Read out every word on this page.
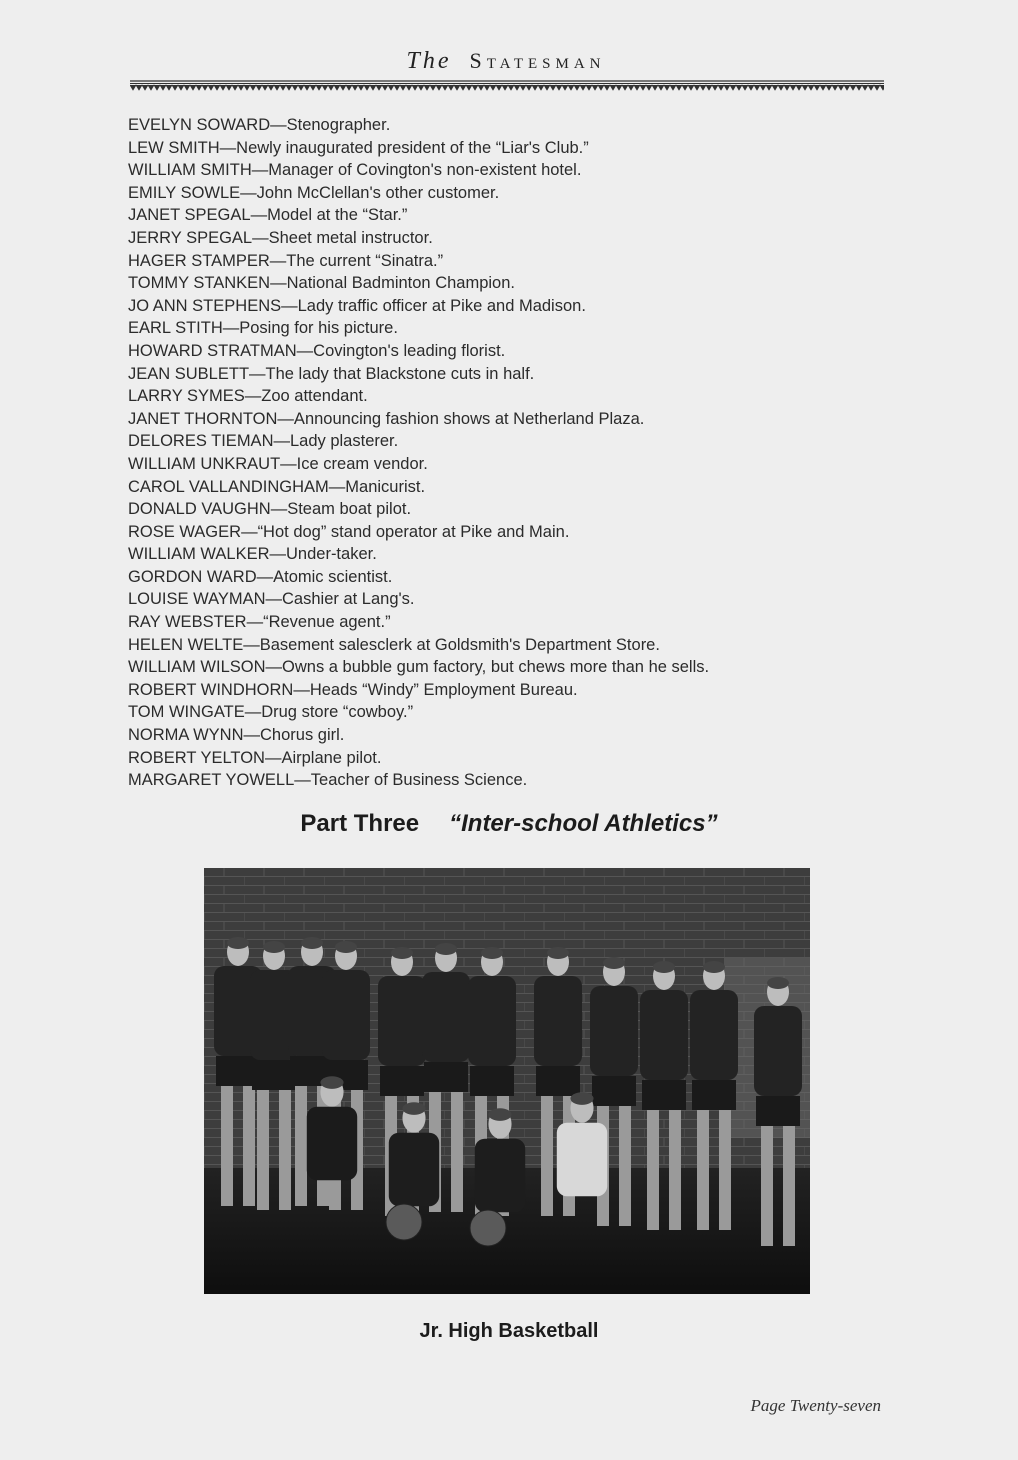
The Statesman
EVELYN SOWARD—Stenographer.
LEW SMITH—Newly inaugurated president of the “Liar's Club.”
WILLIAM SMITH—Manager of Covington's non-existent hotel.
EMILY SOWLE—John McClellan's other customer.
JANET SPEGAL—Model at the “Star.”
JERRY SPEGAL—Sheet metal instructor.
HAGER STAMPER—The current “Sinatra.”
TOMMY STANKEN—National Badminton Champion.
JO ANN STEPHENS—Lady traffic officer at Pike and Madison.
EARL STITH—Posing for his picture.
HOWARD STRATMAN—Covington's leading florist.
JEAN SUBLETT—The lady that Blackstone cuts in half.
LARRY SYMES—Zoo attendant.
JANET THORNTON—Announcing fashion shows at Netherland Plaza.
DELORES TIEMAN—Lady plasterer.
WILLIAM UNKRAUT—Ice cream vendor.
CAROL VALLANDINGHAM—Manicurist.
DONALD VAUGHN—Steam boat pilot.
ROSE WAGER—“Hot dog” stand operator at Pike and Main.
WILLIAM WALKER—Under-taker.
GORDON WARD—Atomic scientist.
LOUISE WAYMAN—Cashier at Lang's.
RAY WEBSTER—“Revenue agent.”
HELEN WELTE—Basement salesclerk at Goldsmith's Department Store.
WILLIAM WILSON—Owns a bubble gum factory, but chews more than he sells.
ROBERT WINDHORN—Heads “Windy” Employment Bureau.
TOM WINGATE—Drug store “cowboy.”
NORMA WYNN—Chorus girl.
ROBERT YELTON—Airplane pilot.
MARGARET YOWELL—Teacher of Business Science.
Part Three “Inter-school Athletics”
Jr. High Basketball
Page Twenty-seven
